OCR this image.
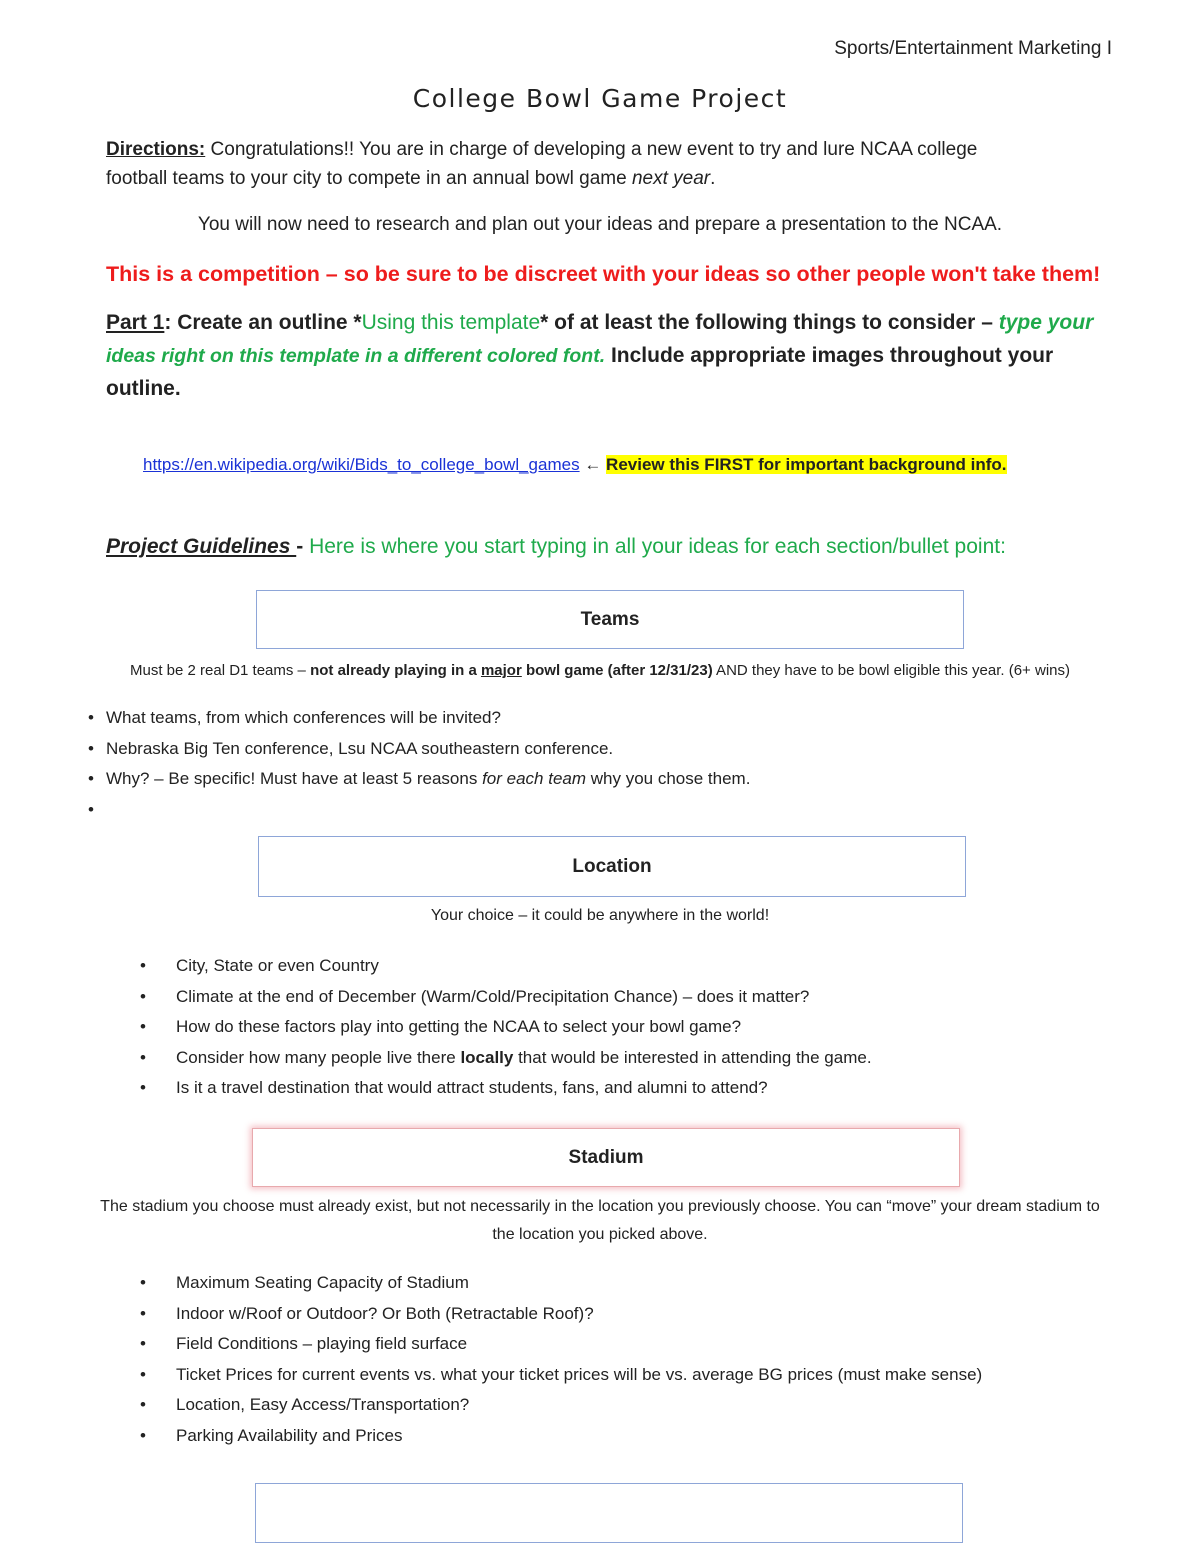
Sports/Entertainment Marketing I
College Bowl Game Project
Directions: Congratulations!! You are in charge of developing a new event to try and lure NCAA college
football teams to your city to compete in an annual bowl game next year.
You will now need to research and plan out your ideas and prepare a presentation to the NCAA.
This is a competition – so be sure to be discreet with your ideas so other people won't take them!
Part 1: Create an outline *Using this template* of at least the following things to consider – type your
ideas right on this template in a different colored font. Include appropriate images throughout your
outline.
https://en.wikipedia.org/wiki/Bids_to_college_bowl_games ← Review this FIRST for important background info.
Project Guidelines - Here is where you start typing in all your ideas for each section/bullet point:
Teams
Must be 2 real D1 teams – not already playing in a major bowl game (after 12/31/23) AND they have to be bowl eligible this year. (6+ wins)
• What teams, from which conferences will be invited?
• Nebraska Big Ten conference, Lsu NCAA southeastern conference.
• Why? – Be specific! Must have at least 5 reasons for each team why you chose them.
•
Location
Your choice – it could be anywhere in the world!
• City, State or even Country
• Climate at the end of December (Warm/Cold/Precipitation Chance) – does it matter?
• How do these factors play into getting the NCAA to select your bowl game?
• Consider how many people live there locally that would be interested in attending the game.
• Is it a travel destination that would attract students, fans, and alumni to attend?
Stadium
The stadium you choose must already exist, but not necessarily in the location you previously choose. You can “move” your dream stadium to the location you picked above.
• Maximum Seating Capacity of Stadium
• Indoor w/Roof or Outdoor? Or Both (Retractable Roof)?
• Field Conditions – playing field surface
• Ticket Prices for current events vs. what your ticket prices will be vs. average BG prices (must make sense)
• Location, Easy Access/Transportation?
• Parking Availability and Prices
